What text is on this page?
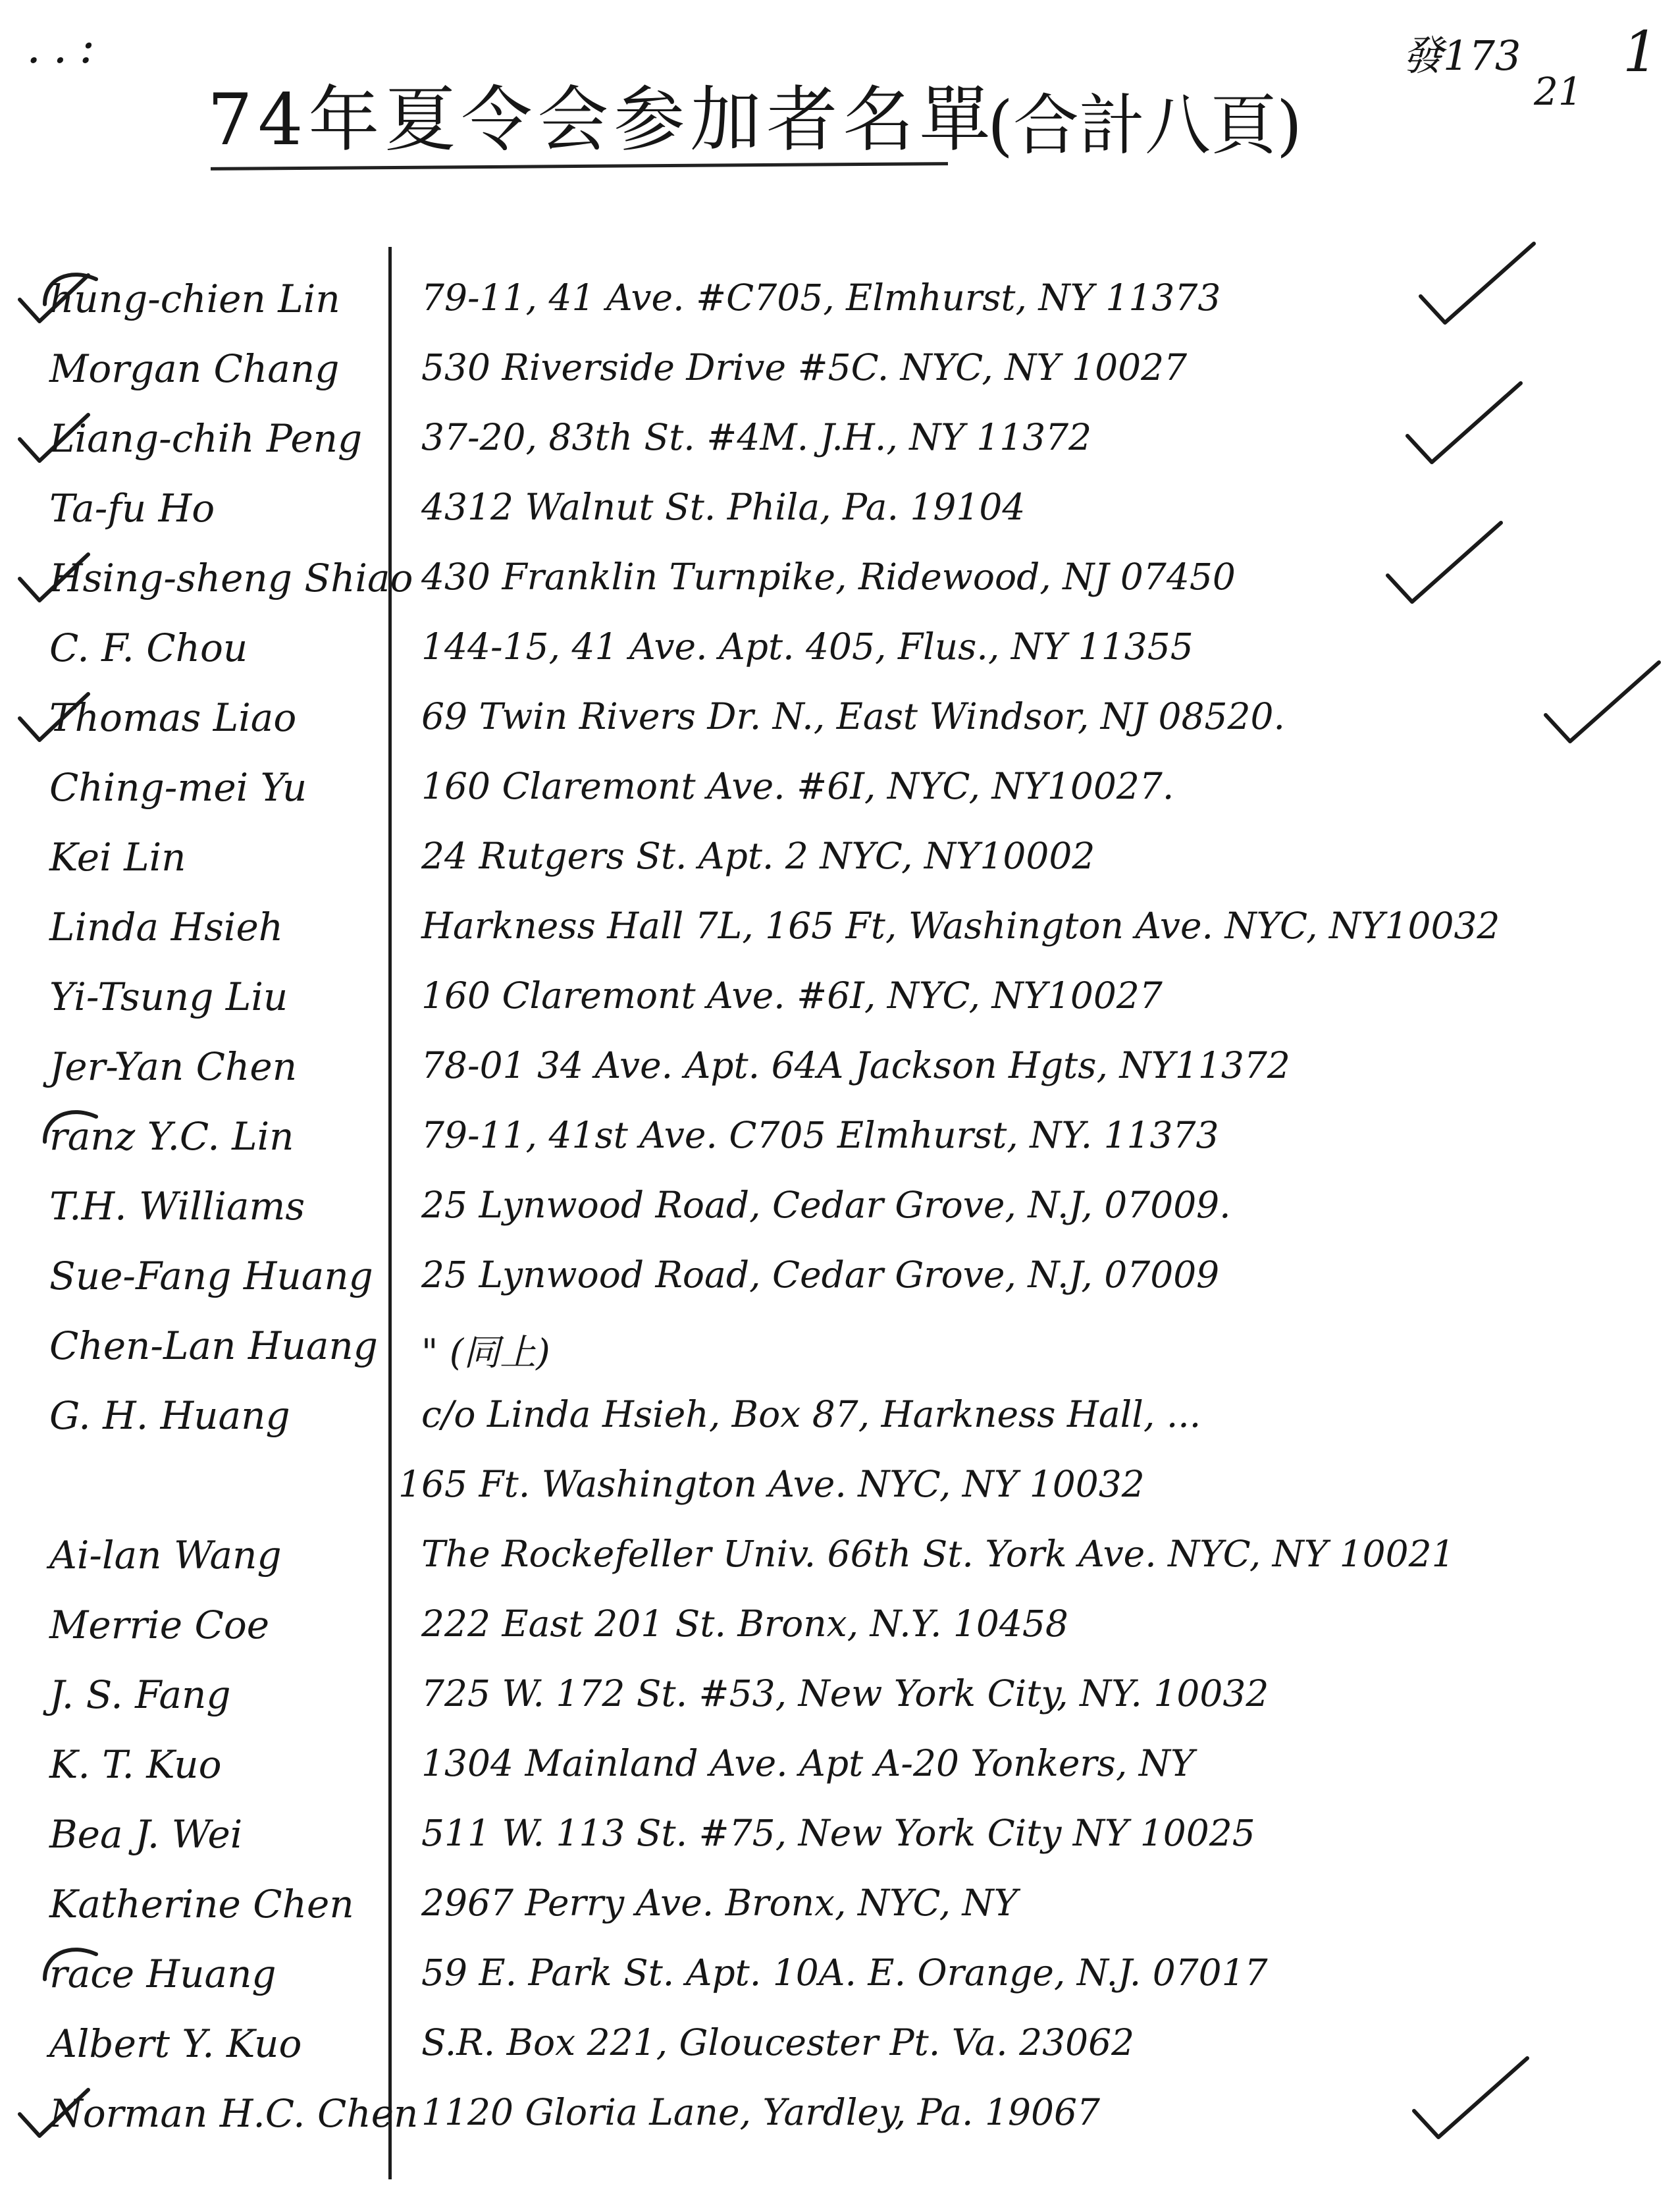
..:
74年夏令会参加者名單
(合計八頁)
發173 1
21
hung-chien Lin	79-11, 41 Ave. #C705, Elmhurst, NY 11373
Morgan Chang	530 Riverside Drive #5C. NYC, NY 10027
Liang-chih Peng	37-20, 83th St. #4M. J.H., NY 11372
Ta-fu Ho	4312 Walnut St. Phila, Pa. 19104
Hsing-sheng Shiao 430 Franklin Turnpike, Ridewood, NJ 07450
C. F. Chou	144-15, 41 Ave. Apt. 405, Flus., NY 11355
Thomas Liao	69 Twin Rivers Dr. N., East Windsor, NJ 08520.
Ching-mei Yu	160 Claremont Ave. #6I, NYC, NY10027.
Kei Lin	24 Rutgers St. Apt. 2 NYC, NY10002
Linda Hsieh	Harkness Hall 7L, 165 Ft, Washington Ave. NYC, NY10032
Yi-Tsung Liu	160 Claremont Ave. #6I, NYC, NY10027
Jer-Yan Chen	78-01 34 Ave. Apt. 64A Jackson Hgts, NY11372
ranz Y.C. Lin	79-11, 41st Ave. C705 Elmhurst, NY. 11373
T.H. Williams	25 Lynwood Road, Cedar Grove, N.J, 07009.
Sue-Fang Huang 25 Lynwood Road, Cedar Grove, N.J, 07009
Chen-Lan Huang " (同上)
G. H. Huang	c/o Linda Hsieh, Box 87, Harkness Hall, ...
165 Ft. Washington Ave. NYC, NY 10032
Ai-lan Wang	The Rockefeller Univ. 66th St. York Ave. NYC, NY 10021
Merrie Coe	222 East 201 St. Bronx, N.Y. 10458
J. S. Fang	725 W. 172 St. #53, New York City, NY. 10032
K. T. Kuo	1304 Mainland Ave. Apt A-20 Yonkers, NY
Bea J. Wei	511 W. 113 St. #75, New York City NY 10025
Katherine Chen	2967 Perry Ave. Bronx, NYC, NY
race Huang	59 E. Park St. Apt. 10A. E. Orange, N.J. 07017
Albert Y. Kuo	S.R. Box 221, Gloucester Pt. Va. 23062
Norman H.C. Chen 1120 Gloria Lane, Yardley, Pa. 19067
